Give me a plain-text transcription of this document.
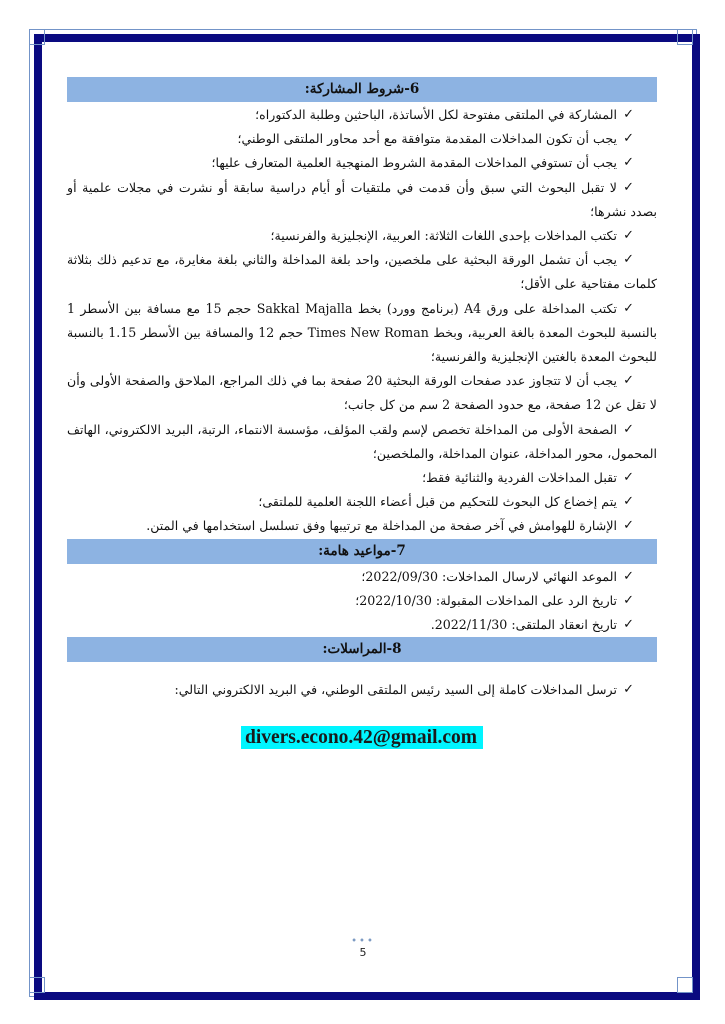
6-شروط المشاركة:
✓
المشاركة في الملتقى مفتوحة لكل الأساتذة، الباحثين وطلبة الدكتوراه؛
✓
يجب أن تكون المداخلات المقدمة متوافقة مع أحد محاور الملتقى الوطني؛
✓
يجب أن تستوفي المداخلات المقدمة الشروط المنهجية العلمية المتعارف عليها؛
✓
لا تقبل البحوث التي سبق وأن قدمت في ملتقيات أو أيام دراسية سابقة أو نشرت في مجلات علمية أو بصدد نشرها؛
✓
تكتب المداخلات بإحدى اللغات الثلاثة: العربية، الإنجليزية والفرنسية؛
✓
يجب أن تشمل الورقة البحثية على ملخصين، واحد بلغة المداخلة والثاني بلغة مغايرة، مع تدعيم ذلك بثلاثة كلمات مفتاحية على الأقل؛
✓
تكتب المداخلة على ورق A4 (برنامج وورد) بخط Sakkal Majalla حجم 15 مع مسافة بين الأسطر 1 بالنسبة للبحوث المعدة بالغة العربية، وبخط Times New Roman حجم 12 والمسافة بين الأسطر 1.15 بالنسبة للبحوث المعدة بالغتين الإنجليزية والفرنسية؛
✓
يجب أن لا تتجاوز عدد صفحات الورقة البحثية 20 صفحة بما في ذلك المراجع، الملاحق والصفحة الأولى وأن لا تقل عن 12 صفحة، مع حدود الصفحة 2 سم من كل جانب؛
✓
الصفحة الأولى من المداخلة تخصص لإسم ولقب المؤلف، مؤسسة الانتماء، الرتبة، البريد الالكتروني، الهاتف المحمول، محور المداخلة، عنوان المداخلة، والملخصين؛
✓
تقبل المداخلات الفردية والثنائية فقط؛
✓
يتم إخضاع كل البحوث للتحكيم من قبل أعضاء اللجنة العلمية للملتقى؛
✓
الإشارة للهوامش في آخر صفحة من المداخلة مع ترتيبها وفق تسلسل استخدامها في المتن.
7-مواعيد هامة:
✓
الموعد النهائي لارسال المداخلات: 2022/09/30؛
✓
تاريخ الرد على المداخلات المقبولة: 2022/10/30؛
✓
تاريخ انعقاد الملتقى: 2022/11/30.
8-المراسلات:
✓
ترسل المداخلات كاملة إلى السيد رئيس الملتقى الوطني، في البريد الالكتروني التالي:
divers.econo.42@gmail.com
•••
5
